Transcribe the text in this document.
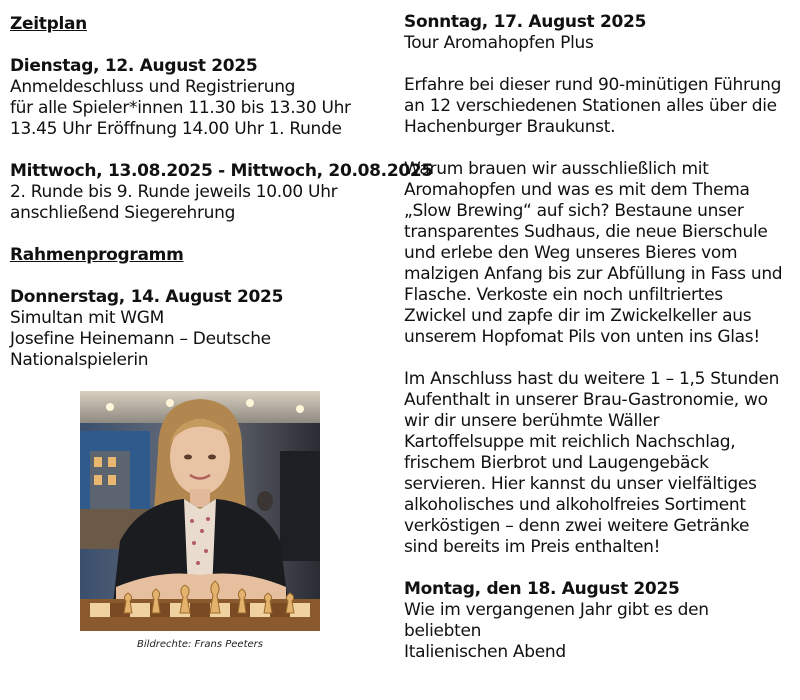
Zeitplan
Dienstag, 12. August 2025
Anmeldeschluss und Registrierung
für alle Spieler*innen 11.30 bis 13.30 Uhr
13.45 Uhr Eröffnung 14.00 Uhr 1. Runde
Mittwoch, 13.08.2025 - Mittwoch, 20.08.2025
2. Runde bis 9. Runde jeweils 10.00 Uhr
anschließend Siegerehrung
Rahmenprogramm
Donnerstag, 14. August 2025
Simultan mit WGM
Josefine Heinemann – Deutsche
Nationalspielerin
Bildrechte: Frans Peeters
Sonntag, 17. August 2025
Tour Aromahopfen Plus
Erfahre bei dieser rund 90-minütigen Führung
an 12 verschiedenen Stationen alles über die
Hachenburger Braukunst.
Warum brauen wir ausschließlich mit
Aromahopfen und was es mit dem Thema
„Slow Brewing“ auf sich? Bestaune unser
transparentes Sudhaus, die neue Bierschule
und erlebe den Weg unseres Bieres vom
malzigen Anfang bis zur Abfüllung in Fass und
Flasche. Verkoste ein noch unfiltriertes
Zwickel und zapfe dir im Zwickelkeller aus
unserem Hopfomat Pils von unten ins Glas!
Im Anschluss hast du weitere 1 – 1,5 Stunden
Aufenthalt in unserer Brau-Gastronomie, wo
wir dir unsere berühmte Wäller
Kartoffelsuppe mit reichlich Nachschlag,
frischem Bierbrot und Laugengebäck
servieren. Hier kannst du unser vielfältiges
alkoholisches und alkoholfreies Sortiment
verköstigen – denn zwei weitere Getränke
sind bereits im Preis enthalten!
Montag, den 18. August 2025
Wie im vergangenen Jahr gibt es den
beliebten
Italienischen Abend
